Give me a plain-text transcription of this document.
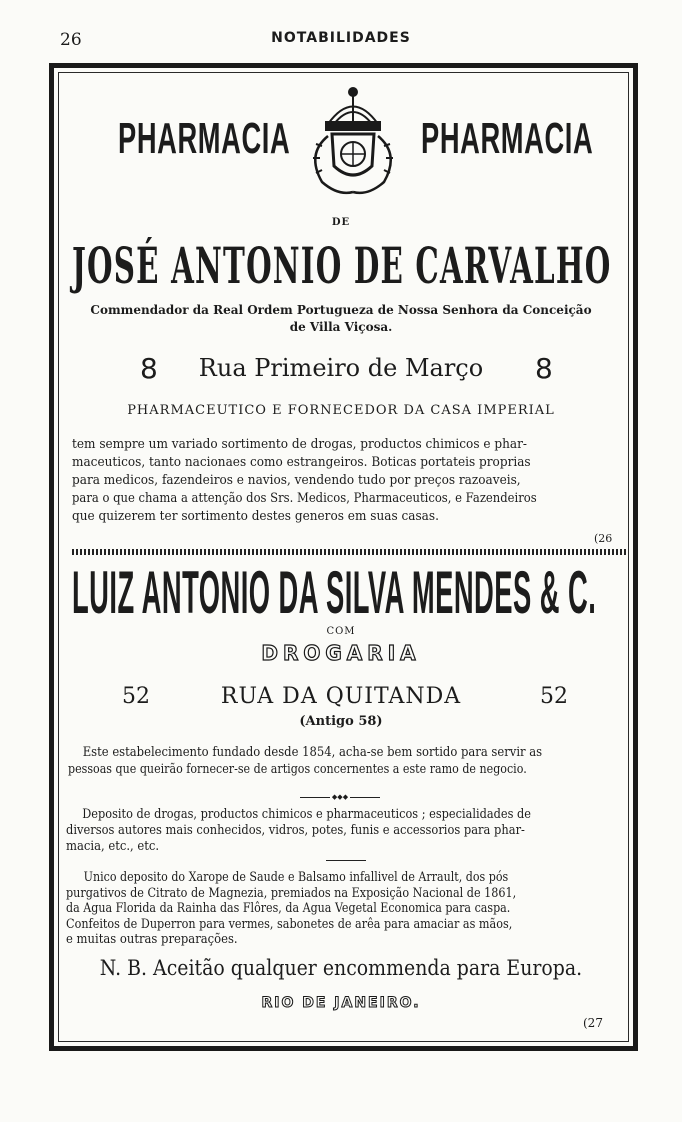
26	NOTABILIDADES
PHARMACIA	PHARMACIA
DE
JOSÉ ANTONIO DE CARVALHO
Commendador da Real Ordem Portugueza de Nossa Senhora da Conceição
de Villa Viçosa.
8	Rua Primeiro de Março	8
PHARMACEUTICO E FORNECEDOR DA CASA IMPERIAL
tem sempre um variado sortimento de drogas, productos chimicos e phar-
maceuticos, tanto nacionaes como estrangeiros. Boticas portateis proprias
para medicos, fazendeiros e navios, vendendo tudo por preços razoaveis,
para o que chama a attenção dos Srs. Medicos, Pharmaceuticos, e Fazendeiros
que quizerem ter sortimento destes generos em suas casas.
(26
LUIZ ANTONIO DA SILVA MENDES & C.
COM
DROGARIA
52	RUA DA QUITANDA	52
(Antigo 58)
Este estabelecimento fundado desde 1854, acha-se bem sortido para servir as
pessoas que queirão fornecer-se de artigos concernentes a este ramo de negocio.
◆◆◆
Deposito de drogas, productos chimicos e pharmaceuticos ; especialidades de
diversos autores mais conhecidos, vidros, potes, funis e accessorios para phar-
macia, etc., etc.
Unico deposito do Xarope de Saude e Balsamo infallivel de Arrault, dos pós
purgativos de Citrato de Magnezia, premiados na Exposição Nacional de 1861,
da Agua Florida da Rainha das Flôres, da Agua Vegetal Economica para caspa.
Confeitos de Duperron para vermes, sabonetes de arêa para amaciar as mãos,
e muitas outras preparações.
N. B. Aceitão qualquer encommenda para Europa.
RIO DE JANEIRO.
(27
